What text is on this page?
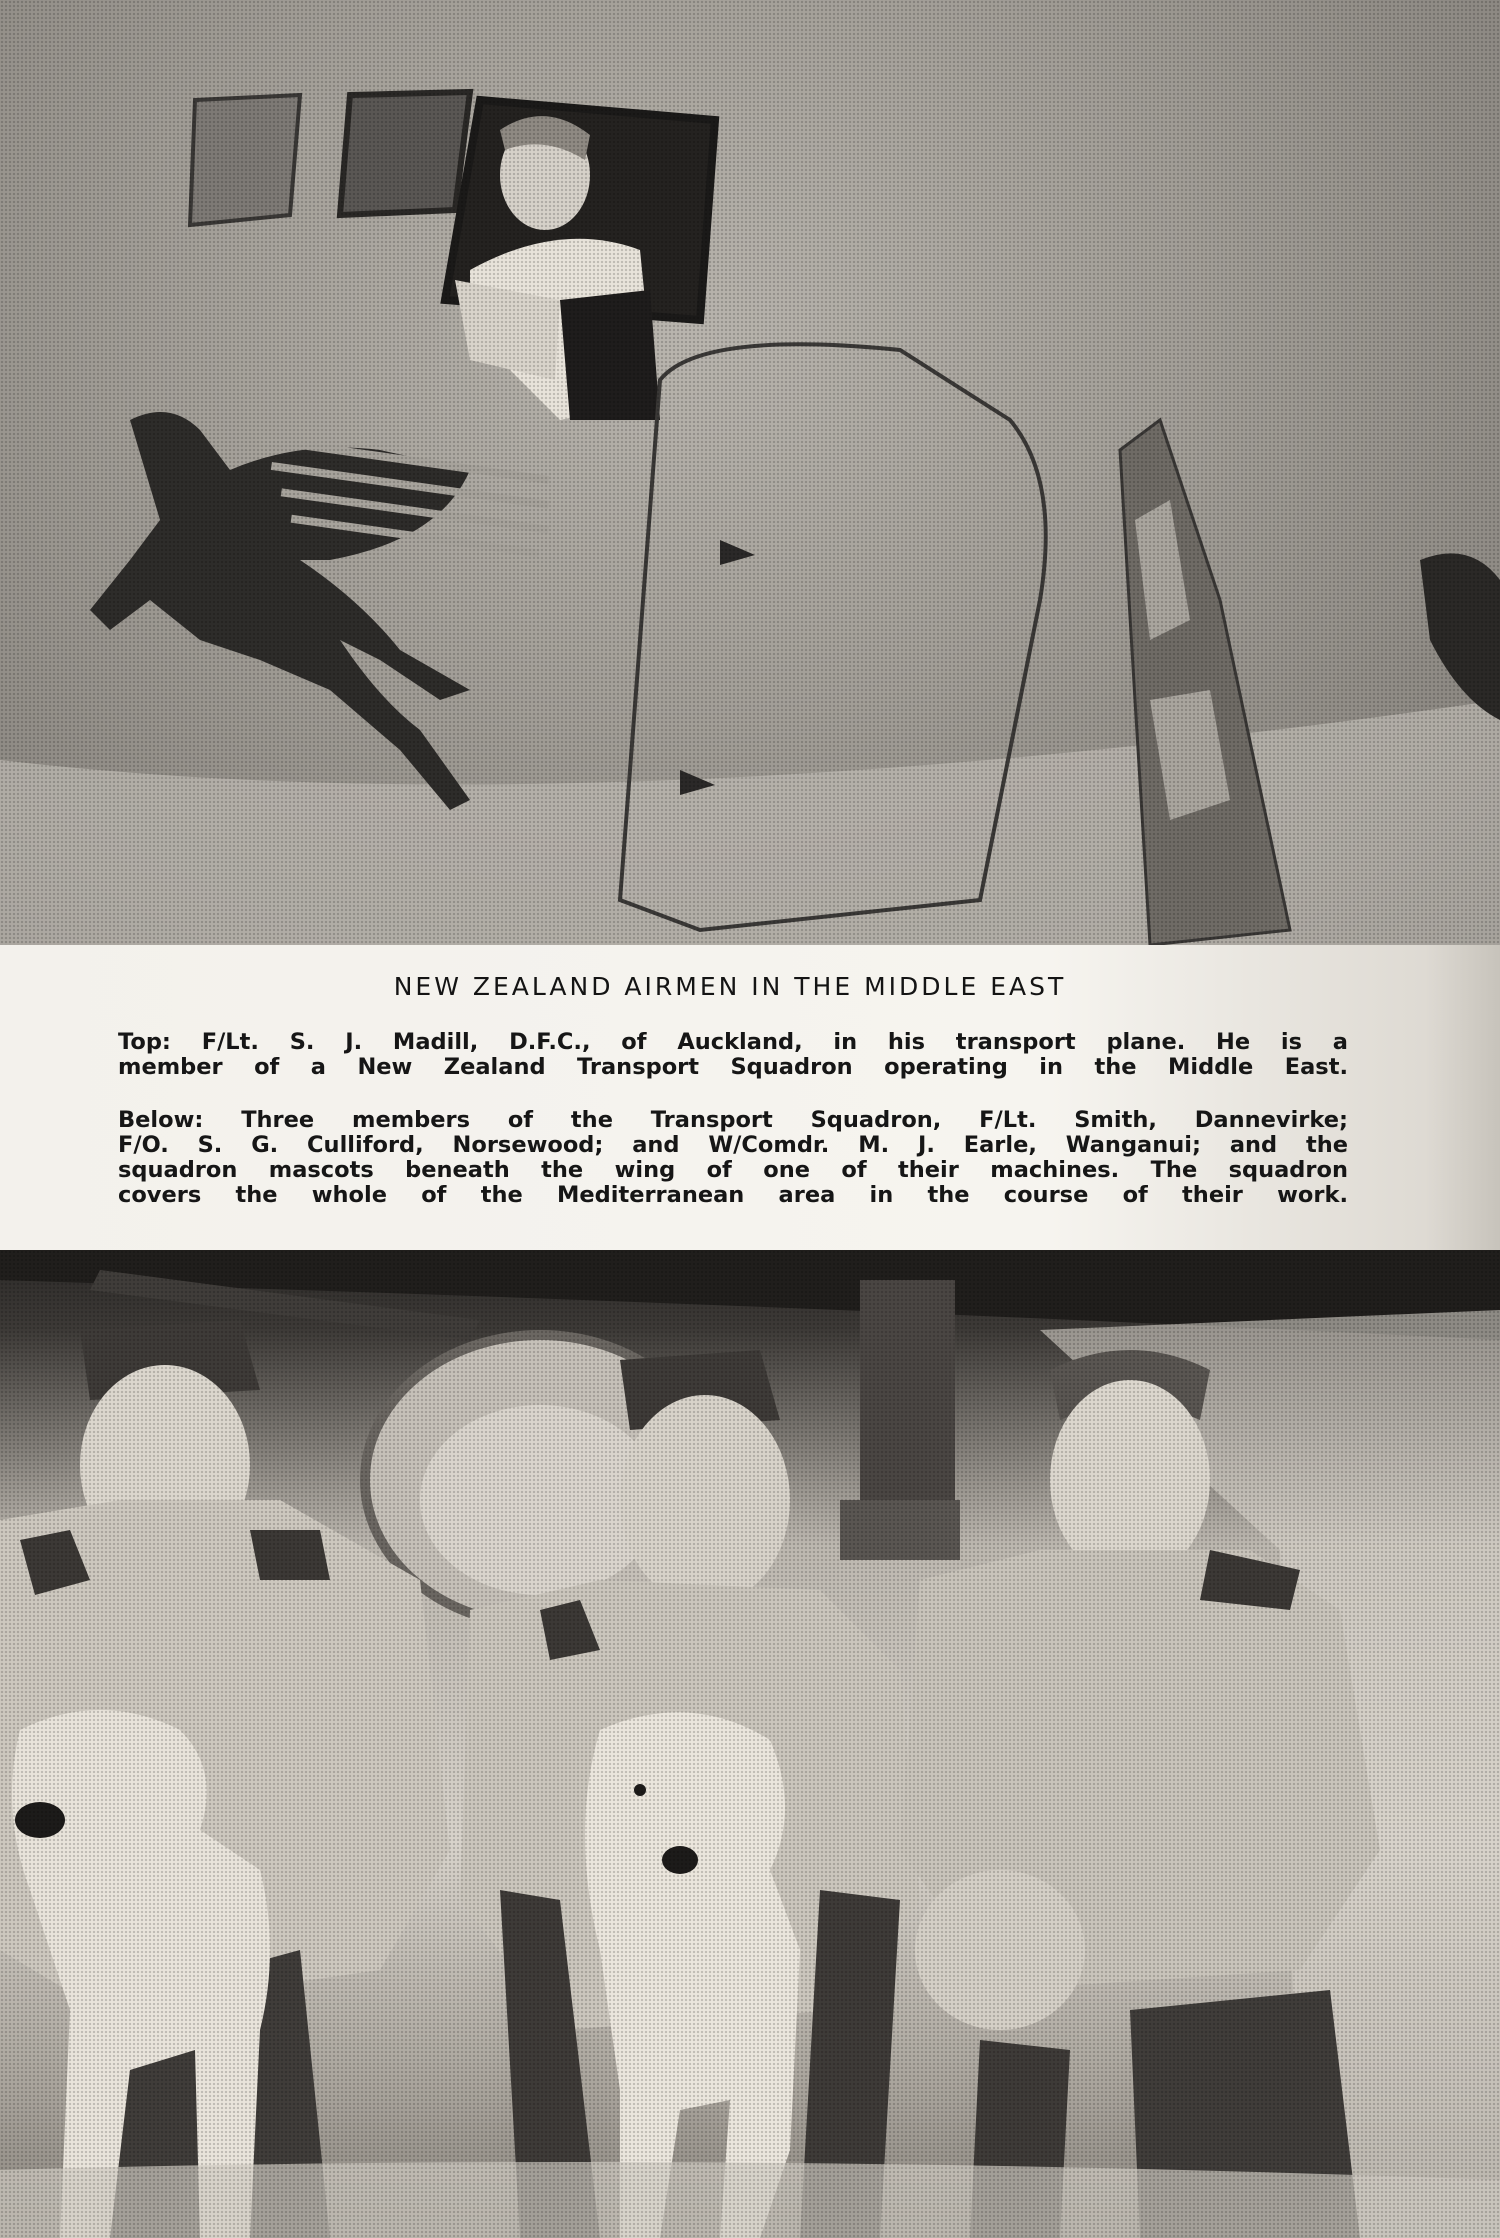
NEW ZEALAND AIRMEN IN THE MIDDLE EAST

Top: F/Lt. S. J. Madill, D.F.C., of Auckland, in his transport plane. He is a
member of a New Zealand Transport Squadron operating in the Middle East.

Below: Three members of the Transport Squadron, F/Lt. Smith, Dannevirke;
F/O. S. G. Culliford, Norsewood; and W/Comdr. M. J. Earle, Wanganui; and the
squadron mascots beneath the wing of one of their machines. The squadron
covers the whole of the Mediterranean area in the course of their work.
